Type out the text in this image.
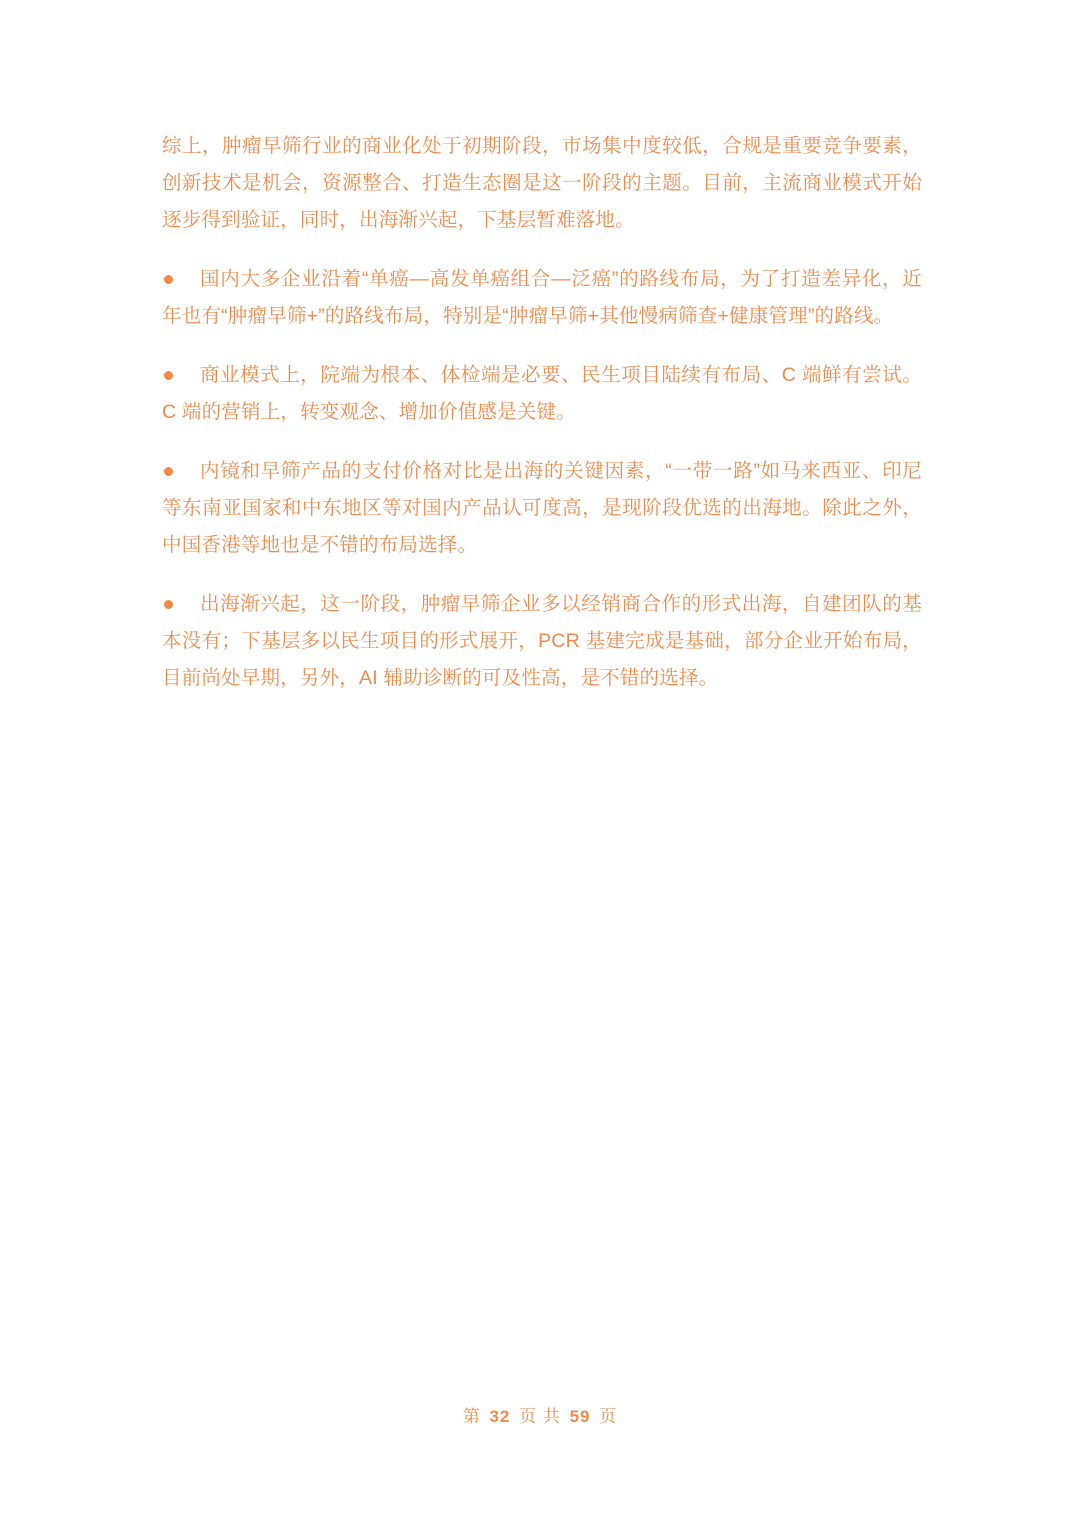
综上，肿瘤早筛行业的商业化处于初期阶段，市场集中度较低，合规是重要竞争要素，创新技术是机会，资源整合、打造生态圈是这一阶段的主题。目前，主流商业模式开始逐步得到验证，同时，出海渐兴起，下基层暂难落地。

国内大多企业沿着“单癌—高发单癌组合—泛癌”的路线布局，为了打造差异化，近年也有“肿瘤早筛+”的路线布局，特别是“肿瘤早筛+其他慢病筛查+健康管理”的路线。
商业模式上，院端为根本、体检端是必要、民生项目陆续有布局、C 端鲜有尝试。C 端的营销上，转变观念、增加价值感是关键。
内镜和早筛产品的支付价格对比是出海的关键因素，“一带一路”如马来西亚、印尼等东南亚国家和中东地区等对国内产品认可度高，是现阶段优选的出海地。除此之外，中国香港等地也是不错的布局选择。
出海渐兴起，这一阶段，肿瘤早筛企业多以经销商合作的形式出海，自建团队的基本没有；下基层多以民生项目的形式展开，PCR 基建完成是基础，部分企业开始布局，目前尚处早期，另外，AI 辅助诊断的可及性高，是不错的选择。
第 32 页 共 59 页
